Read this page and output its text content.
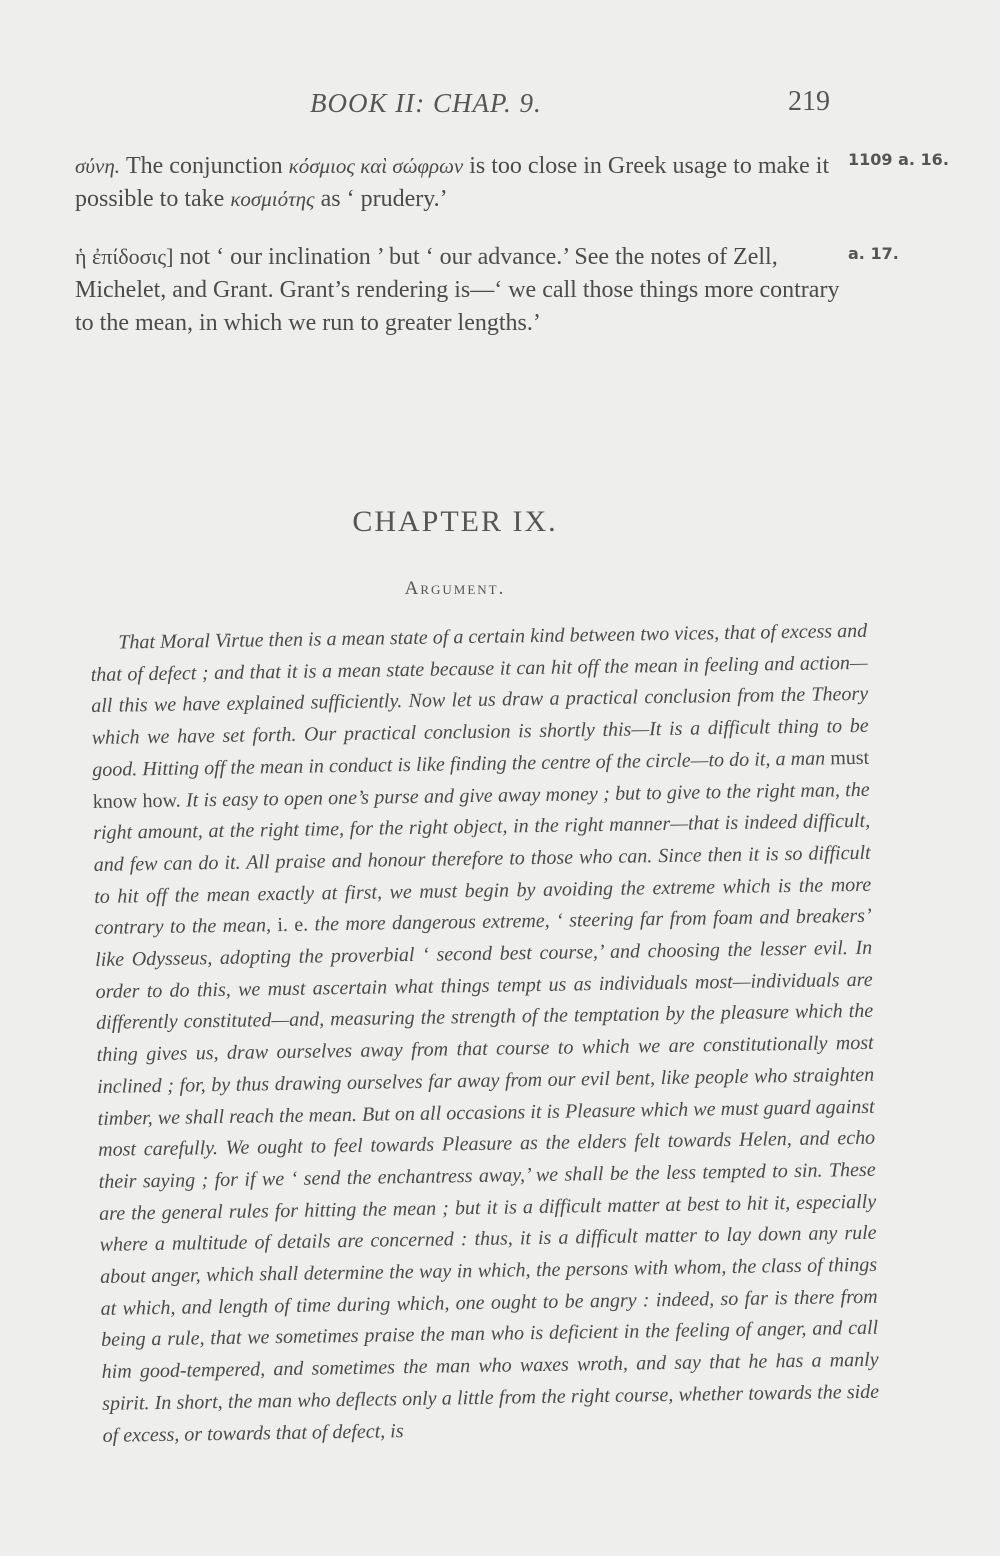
BOOK II: CHAP. 9.	219
σύνη. The conjunction κόσμιος καὶ σώφρων is too close in Greek usage to make it possible to take κοσμιότης as ‘ prudery.’
1109 a. 16.
ἡ ἐπίδοσις] not ‘ our inclination ’ but ‘ our advance.’ See the notes of Zell, Michelet, and Grant. Grant’s rendering is—‘ we call those things more contrary to the mean, in which we run to greater lengths.’
a. 17.
CHAPTER IX.
Argument.
That Moral Virtue then is a mean state of a certain kind between two vices, that of excess and that of defect ; and that it is a mean state because it can hit off the mean in feeling and action—all this we have explained sufficiently. Now let us draw a practical conclusion from the Theory which we have set forth. Our practical conclusion is shortly this—It is a difficult thing to be good. Hitting off the mean in conduct is like finding the centre of the circle—to do it, a man must know how. It is easy to open one’s purse and give away money ; but to give to the right man, the right amount, at the right time, for the right object, in the right manner—that is indeed difficult, and few can do it. All praise and honour therefore to those who can. Since then it is so difficult to hit off the mean exactly at first, we must begin by avoiding the extreme which is the more contrary to the mean, i. e. the more dangerous extreme, ‘ steering far from foam and breakers’ like Odysseus, adopting the proverbial ‘ second best course,’ and choosing the lesser evil. In order to do this, we must ascertain what things tempt us as individuals most—individuals are differently constituted—and, measuring the strength of the temptation by the pleasure which the thing gives us, draw ourselves away from that course to which we are constitutionally most inclined ; for, by thus drawing ourselves far away from our evil bent, like people who straighten timber, we shall reach the mean. But on all occasions it is Pleasure which we must guard against most carefully. We ought to feel towards Pleasure as the elders felt towards Helen, and echo their saying ; for if we ‘ send the enchantress away,’ we shall be the less tempted to sin. These are the general rules for hitting the mean ; but it is a difficult matter at best to hit it, especially where a multitude of details are concerned : thus, it is a difficult matter to lay down any rule about anger, which shall determine the way in which, the persons with whom, the class of things at which, and length of time during which, one ought to be angry : indeed, so far is there from being a rule, that we sometimes praise the man who is deficient in the feeling of anger, and call him good-tempered, and sometimes the man who waxes wroth, and say that he has a manly spirit. In short, the man who deflects only a little from the right course, whether towards the side of excess, or towards that of defect, is
